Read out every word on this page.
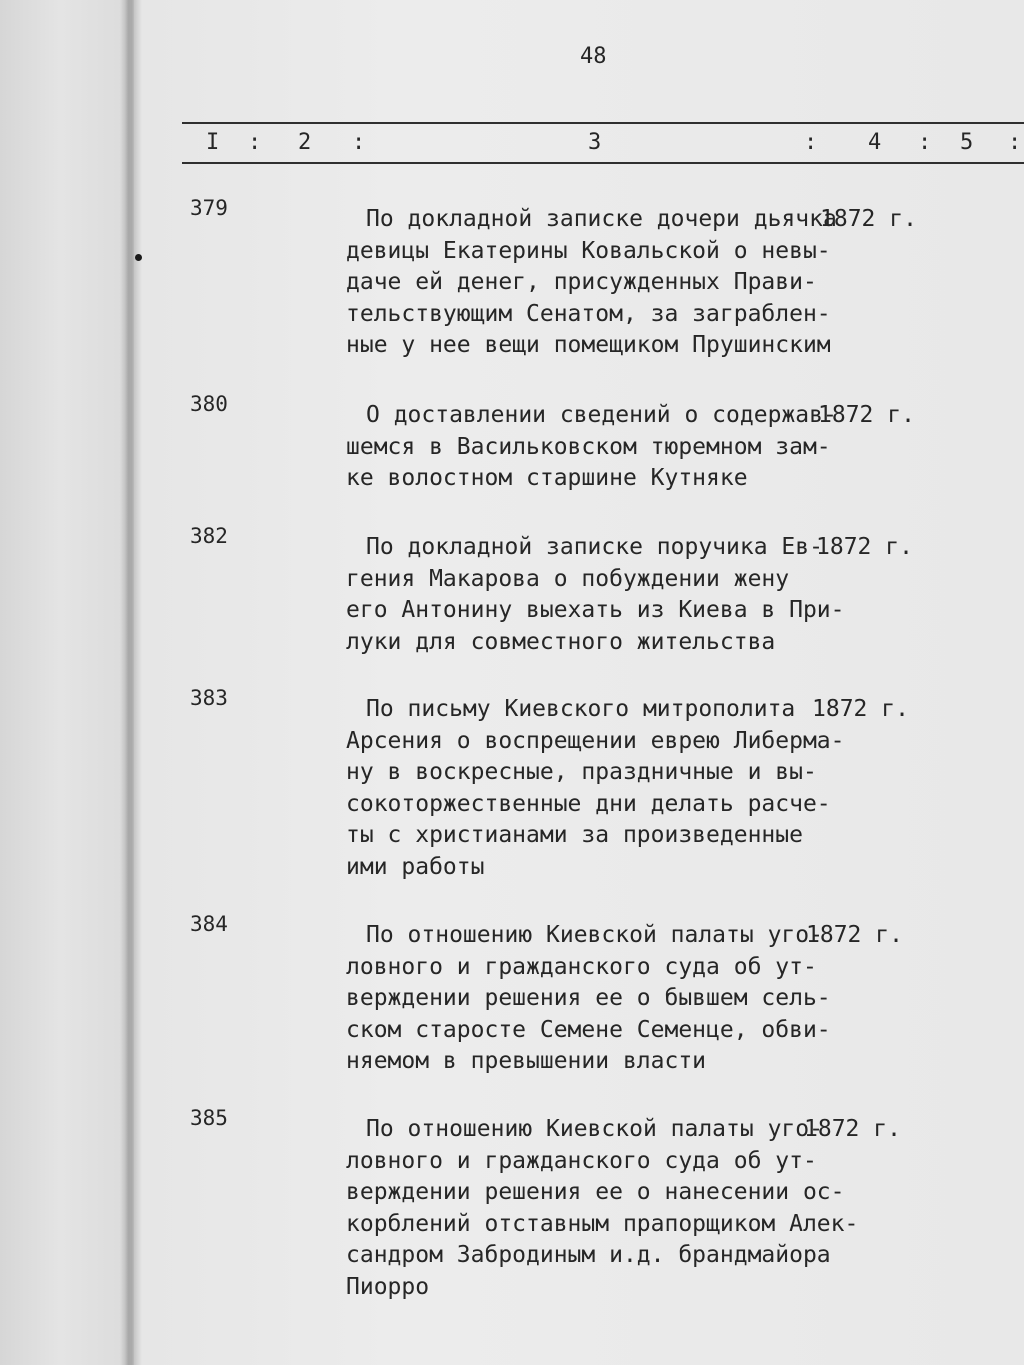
48
I : 2 :	3	: 4 : 5 :
379	По докладной записке дочери дьячка
девицы Екатерины Ковальской о невы-
даче ей денег, присужденных Прави-
тельствующим Сенатом, за заграблен-
ные у нее вещи помещиком Прушинским
1872 г.
380	О доставлении сведений о содержав-
шемся в Васильковском тюремном зам-
ке волостном старшине Кутняке
1872 г.
382	По докладной записке поручика Ев-
гения Макарова о побуждении жену
его Антонину выехать из Киева в При-
луки для совместного жительства
1872 г.
383	По письму Киевского митрополита
Арсения о воспрещении еврею Либерма-
ну в воскресные, праздничные и вы-
сокоторжественные дни делать расче-
ты с христианами за произведенные
ими работы
1872 г.
384	По отношению Киевской палаты уго-
ловного и гражданского суда об ут-
верждении решения ее о бывшем сель-
ском старосте Семене Семенце, обви-
няемом в превышении власти
1872 г.
385	По отношению Киевской палаты уго-
ловного и гражданского суда об ут-
верждении решения ее о нанесении ос-
корблений отставным прапорщиком Алек-
сандром Забродиным и.д. брандмайора
Пиорро
1872 г.
